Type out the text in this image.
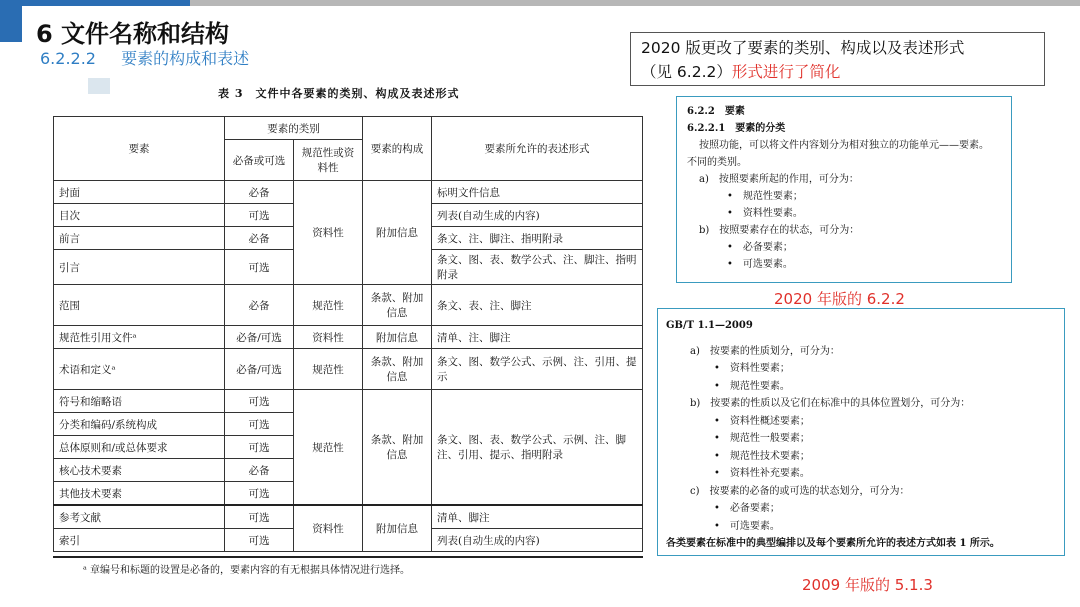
6 文件名称和结构
6.2.2.2 要素的构成和表述
2020 版更改了要素的类别、构成以及表述形式
（见 6.2.2）形式进行了简化
表 3　文件中各要素的类别、构成及表述形式
要素	要素的类别		要素的构成	要素所允许的表述形式
	必备或可选	规范性或资料性		
封面	必备	资料性	附加信息	标明文件信息
目次	可选			列表(自动生成的内容)
前言	必备			条文、注、脚注、指明附录
引言	可选			条文、图、表、数学公式、注、脚注、指明附录
范围	必备	规范性	条款、附加信息	条文、表、注、脚注
规范性引用文件ᵃ	必备/可选	资料性	附加信息	清单、注、脚注
术语和定义ᵃ	必备/可选	规范性	条款、附加信息	条文、图、数学公式、示例、注、引用、提示
符号和缩略语	可选	规范性	条款、附加信息	条文、图、表、数学公式、示例、注、脚注、引用、提示、指明附录
分类和编码/系统构成	可选			
总体原则和/或总体要求	可选			
核心技术要素	必备			
其他技术要素	可选			
参考文献	可选	资料性	附加信息	清单、脚注
索引	可选			列表(自动生成的内容)
ᵃ 章编号和标题的设置是必备的，要素内容的有无根据具体情况进行选择。
6.2.2　要素
6.2.2.1　要素的分类
按照功能，可以将文件内容划分为相对独立的功能单元——要素。
不同的类别。
a)　按照要素所起的作用，可分为：
• 规范性要素；
• 资料性要素。
b)　按照要素存在的状态，可分为：
• 必备要素；
• 可选要素。
2020 年版的 6.2.2
GB/T 1.1—2009
a)　按要素的性质划分，可分为：
• 资料性要素；
• 规范性要素。
b)　按要素的性质以及它们在标准中的具体位置划分，可分为：
• 资料性概述要素；
• 规范性一般要素；
• 规范性技术要素；
• 资料性补充要素。
c)　按要素的必备的或可选的状态划分，可分为：
• 必备要素；
• 可选要素。
各类要素在标准中的典型编排以及每个要素所允许的表述方式如表 1 所示。
2009 年版的 5.1.3
